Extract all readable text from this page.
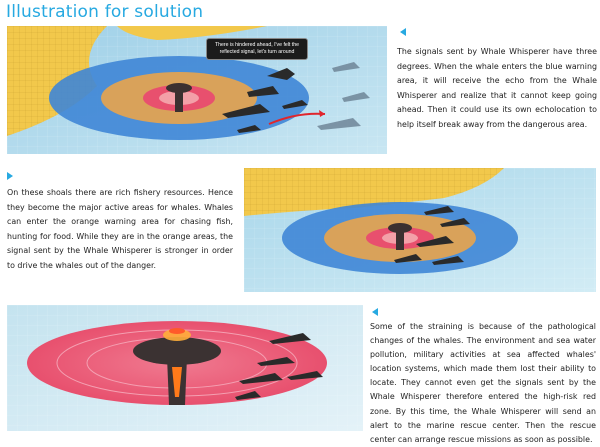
Illustration for solution
There is hindered ahead, I've felt the reflected signal, let's turn around	The signals sent by Whale Whisperer have three degrees. When the whale enters the blue warning area, it will receive the echo from the Whale Whisperer and realize that it cannot keep going ahead. Then it could use its own echolocation to help itself break away from the dangerous area.
On these shoals there are rich fishery resources. Hence they become the major active areas for whales. Whales can enter the orange warning area for chasing fish, hunting for food. While they are in the orange areas, the signal sent by the Whale Whisperer is stronger in order to drive the whales out of the danger.
Some of the straining is because of the pathological changes of the whales. The environment and sea water pollution, military activities at sea affected whales' location systems, which made them lost their ability to locate. They cannot even get the signals sent by the Whale Whisperer therefore entered the high-risk red zone. By this time, the Whale Whisperer will send an alert to the marine rescue center. Then the rescue center can arrange rescue missions as soon as possible.
